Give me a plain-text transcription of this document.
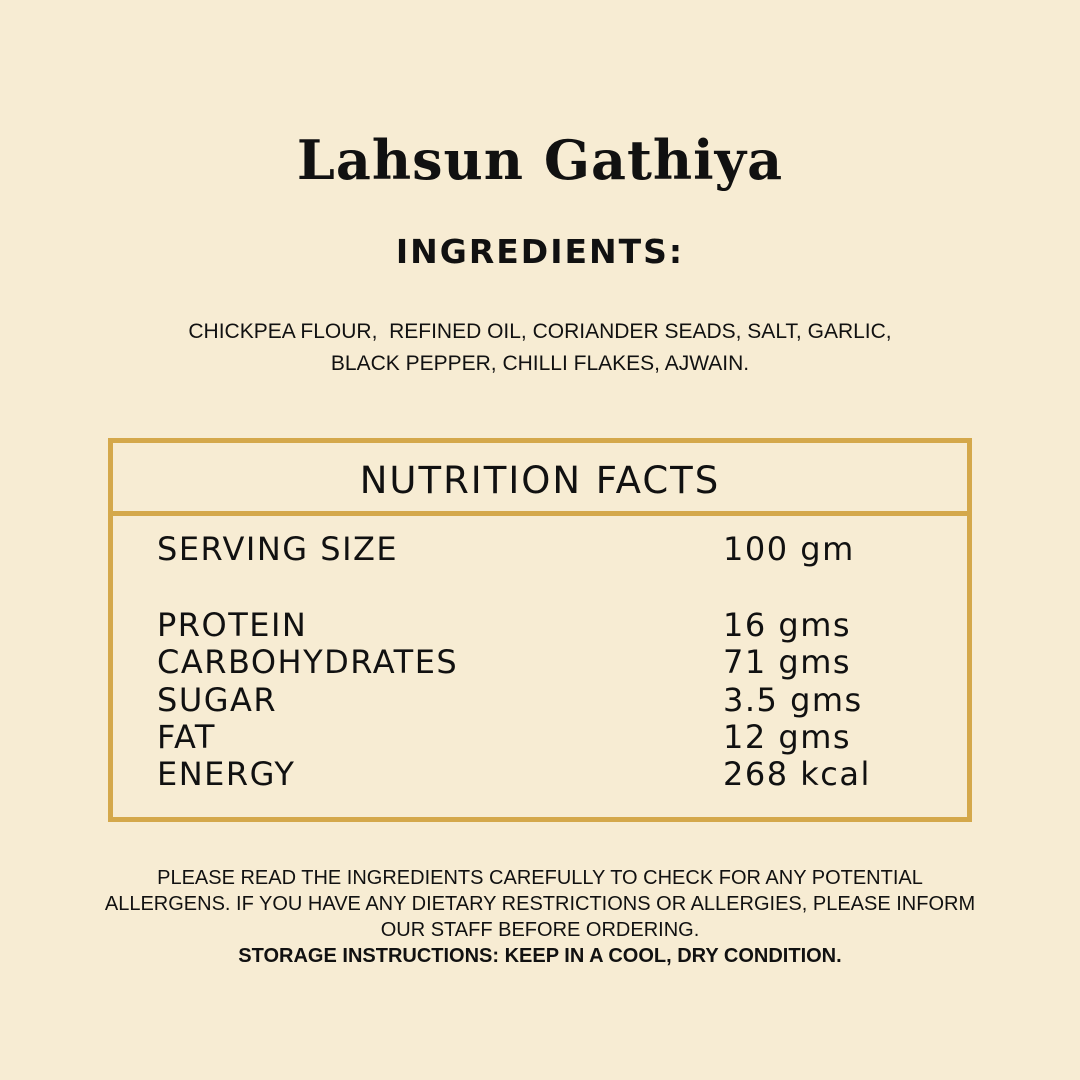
Lahsun Gathiya
INGREDIENTS:
CHICKPEA FLOUR,  REFINED OIL, CORIANDER SEADS, SALT, GARLIC,
BLACK PEPPER, CHILLI FLAKES, AJWAIN.
NUTRITION FACTS
SERVING SIZE	100 gm
PROTEIN	16 gms
CARBOHYDRATES	71 gms
SUGAR	3.5 gms
FAT	12 gms
ENERGY	268 kcal
PLEASE READ THE INGREDIENTS CAREFULLY TO CHECK FOR ANY POTENTIAL
ALLERGENS. IF YOU HAVE ANY DIETARY RESTRICTIONS OR ALLERGIES, PLEASE INFORM
OUR STAFF BEFORE ORDERING.
STORAGE INSTRUCTIONS: KEEP IN A COOL, DRY CONDITION.
